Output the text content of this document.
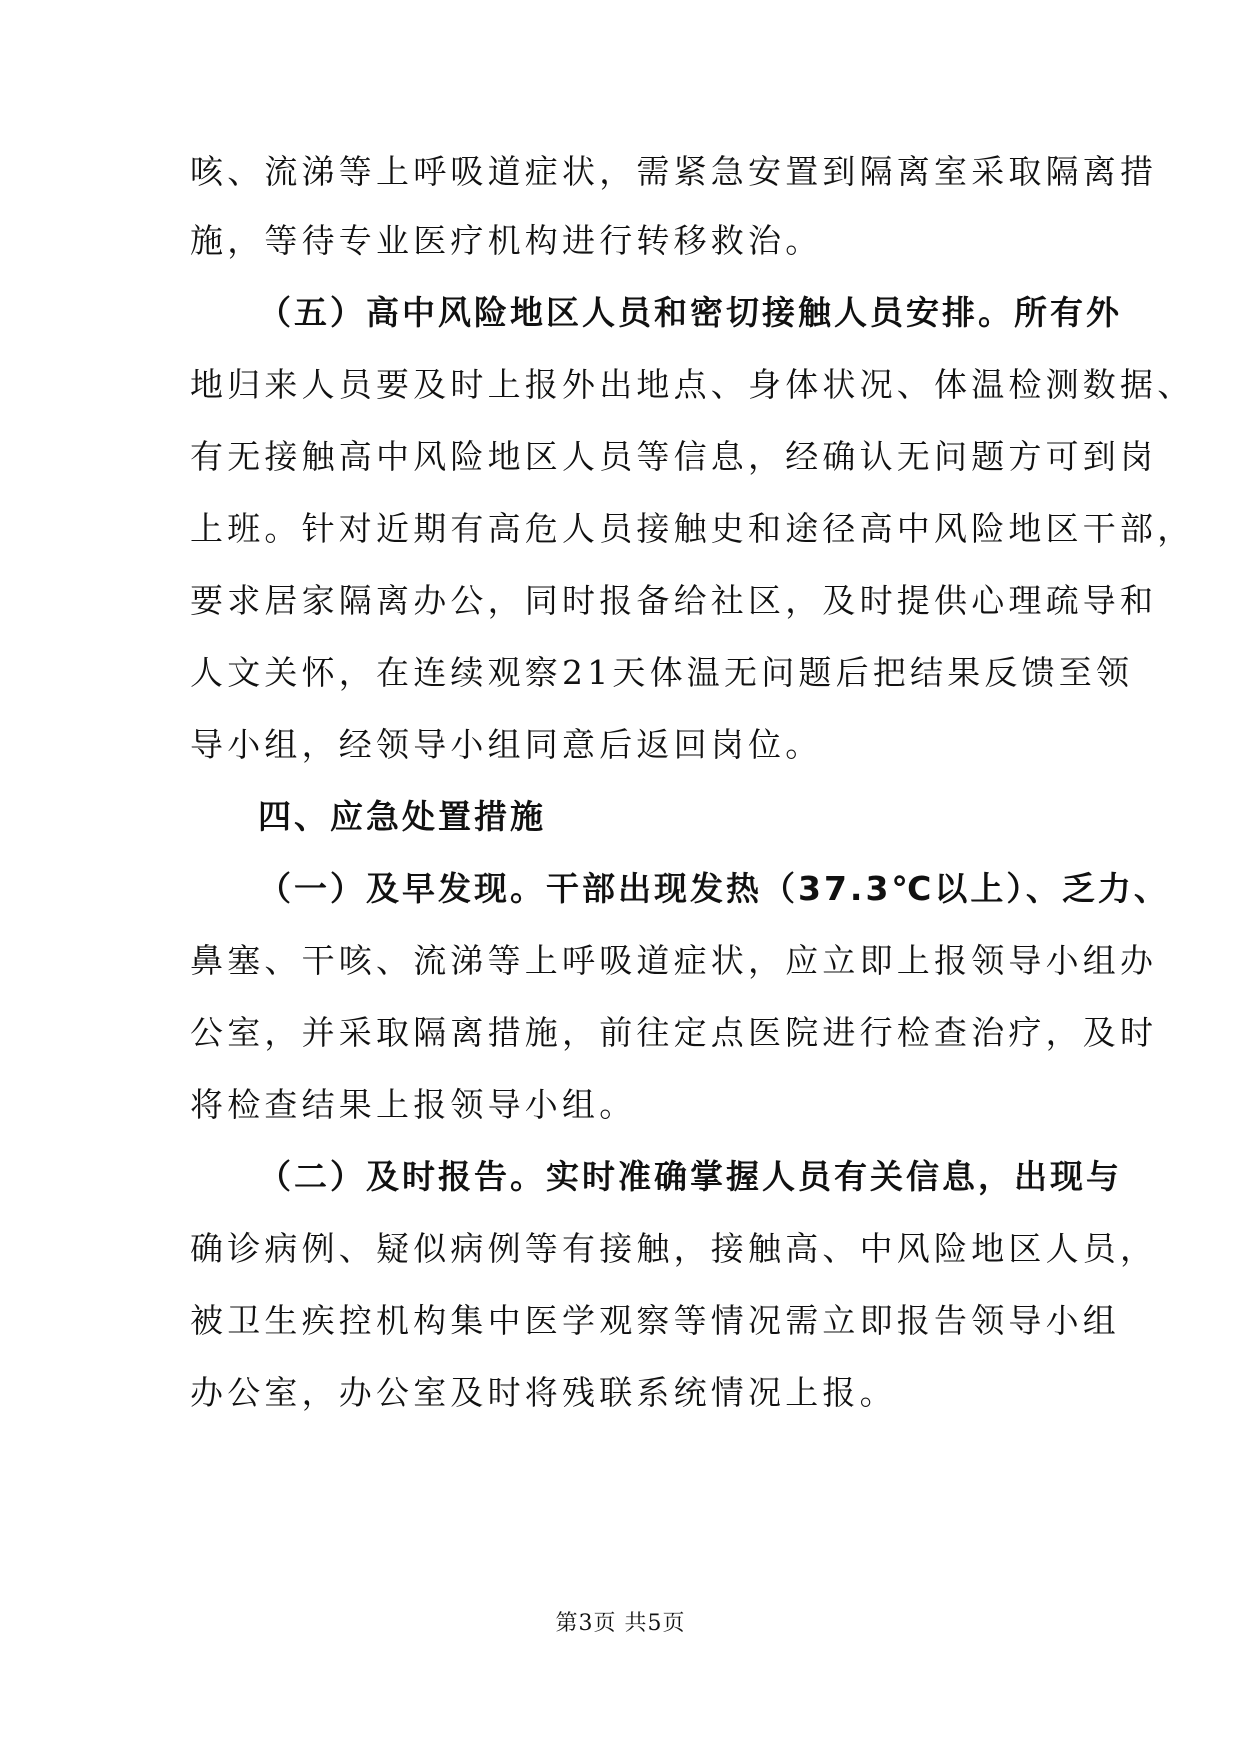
咳、流涕等上呼吸道症状，需紧急安置到隔离室采取隔离措
施，等待专业医疗机构进行转移救治。
（五）高中风险地区人员和密切接触人员安排。所有外
地归来人员要及时上报外出地点、身体状况、体温检测数据、
有无接触高中风险地区人员等信息，经确认无问题方可到岗
上班。针对近期有高危人员接触史和途径高中风险地区干部，
要求居家隔离办公，同时报备给社区，及时提供心理疏导和
人文关怀，在连续观察21天体温无问题后把结果反馈至领
导小组，经领导小组同意后返回岗位。
四、应急处置措施
（一）及早发现。干部出现发热（37.3℃以上）、乏力、
鼻塞、干咳、流涕等上呼吸道症状，应立即上报领导小组办
公室，并采取隔离措施，前往定点医院进行检查治疗，及时
将检查结果上报领导小组。
（二）及时报告。实时准确掌握人员有关信息，出现与
确诊病例、疑似病例等有接触，接触高、中风险地区人员，
被卫生疾控机构集中医学观察等情况需立即报告领导小组
办公室，办公室及时将残联系统情况上报。
第3页 共5页
